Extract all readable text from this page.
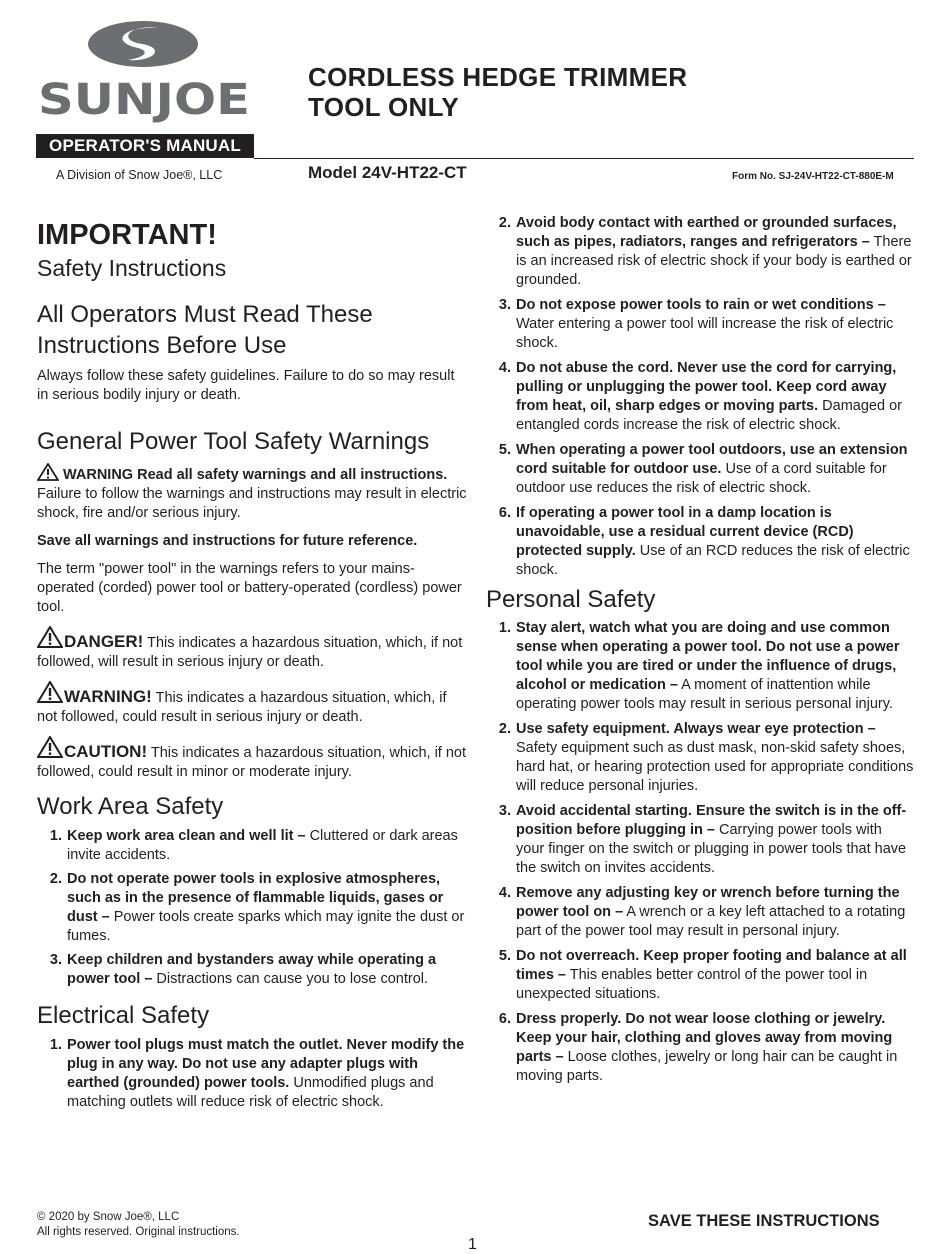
SUNJOE
OPERATOR'S MANUAL
A Division of Snow Joe®, LLC
CORDLESS HEDGE TRIMMER
TOOL ONLY
Model 24V-HT22-CT	Form No. SJ-24V-HT22-CT-880E-M
IMPORTANT!
Safety Instructions
All Operators Must Read These Instructions Before Use

Always follow these safety guidelines. Failure to do so may result in serious bodily injury or death.

General Power Tool Safety Warnings

WARNING Read all safety warnings and all instructions. Failure to follow the warnings and instructions may result in electric shock, fire and/or serious injury.

Save all warnings and instructions for future reference.

The term "power tool" in the warnings refers to your mains-operated (corded) power tool or battery-operated (cordless) power tool.

DANGER! This indicates a hazardous situation, which, if not followed, will result in serious injury or death.

WARNING! This indicates a hazardous situation, which, if not followed, could result in serious injury or death.

CAUTION! This indicates a hazardous situation, which, if not followed, could result in minor or moderate injury.

Work Area Safety
1. Keep work area clean and well lit – Cluttered or dark areas invite accidents.
2. Do not operate power tools in explosive atmospheres, such as in the presence of flammable liquids, gases or dust – Power tools create sparks which may ignite the dust or fumes.
3. Keep children and bystanders away while operating a power tool – Distractions can cause you to lose control.
Electrical Safety
1. Power tool plugs must match the outlet. Never modify the plug in any way. Do not use any adapter plugs with earthed (grounded) power tools. Unmodified plugs and matching outlets will reduce risk of electric shock.
2. Avoid body contact with earthed or grounded surfaces, such as pipes, radiators, ranges and refrigerators – There is an increased risk of electric shock if your body is earthed or grounded.
3. Do not expose power tools to rain or wet conditions – Water entering a power tool will increase the risk of electric shock.
4. Do not abuse the cord. Never use the cord for carrying, pulling or unplugging the power tool. Keep cord away from heat, oil, sharp edges or moving parts. Damaged or entangled cords increase the risk of electric shock.
5. When operating a power tool outdoors, use an extension cord suitable for outdoor use. Use of a cord suitable for outdoor use reduces the risk of electric shock.
6. If operating a power tool in a damp location is unavoidable, use a residual current device (RCD) protected supply. Use of an RCD reduces the risk of electric shock.
Personal Safety
1. Stay alert, watch what you are doing and use common sense when operating a power tool. Do not use a power tool while you are tired or under the influence of drugs, alcohol or medication – A moment of inattention while operating power tools may result in serious personal injury.
2. Use safety equipment. Always wear eye protection – Safety equipment such as dust mask, non-skid safety shoes, hard hat, or hearing protection used for appropriate conditions will reduce personal injuries.
3. Avoid accidental starting. Ensure the switch is in the off-position before plugging in – Carrying power tools with your finger on the switch or plugging in power tools that have the switch on invites accidents.
4. Remove any adjusting key or wrench before turning the power tool on – A wrench or a key left attached to a rotating part of the power tool may result in personal injury.
5. Do not overreach. Keep proper footing and balance at all times – This enables better control of the power tool in unexpected situations.
6. Dress properly. Do not wear loose clothing or jewelry. Keep your hair, clothing and gloves away from moving parts – Loose clothes, jewelry or long hair can be caught in moving parts.
© 2020 by Snow Joe®, LLC
All rights reserved. Original instructions.
SAVE THESE INSTRUCTIONS
1
